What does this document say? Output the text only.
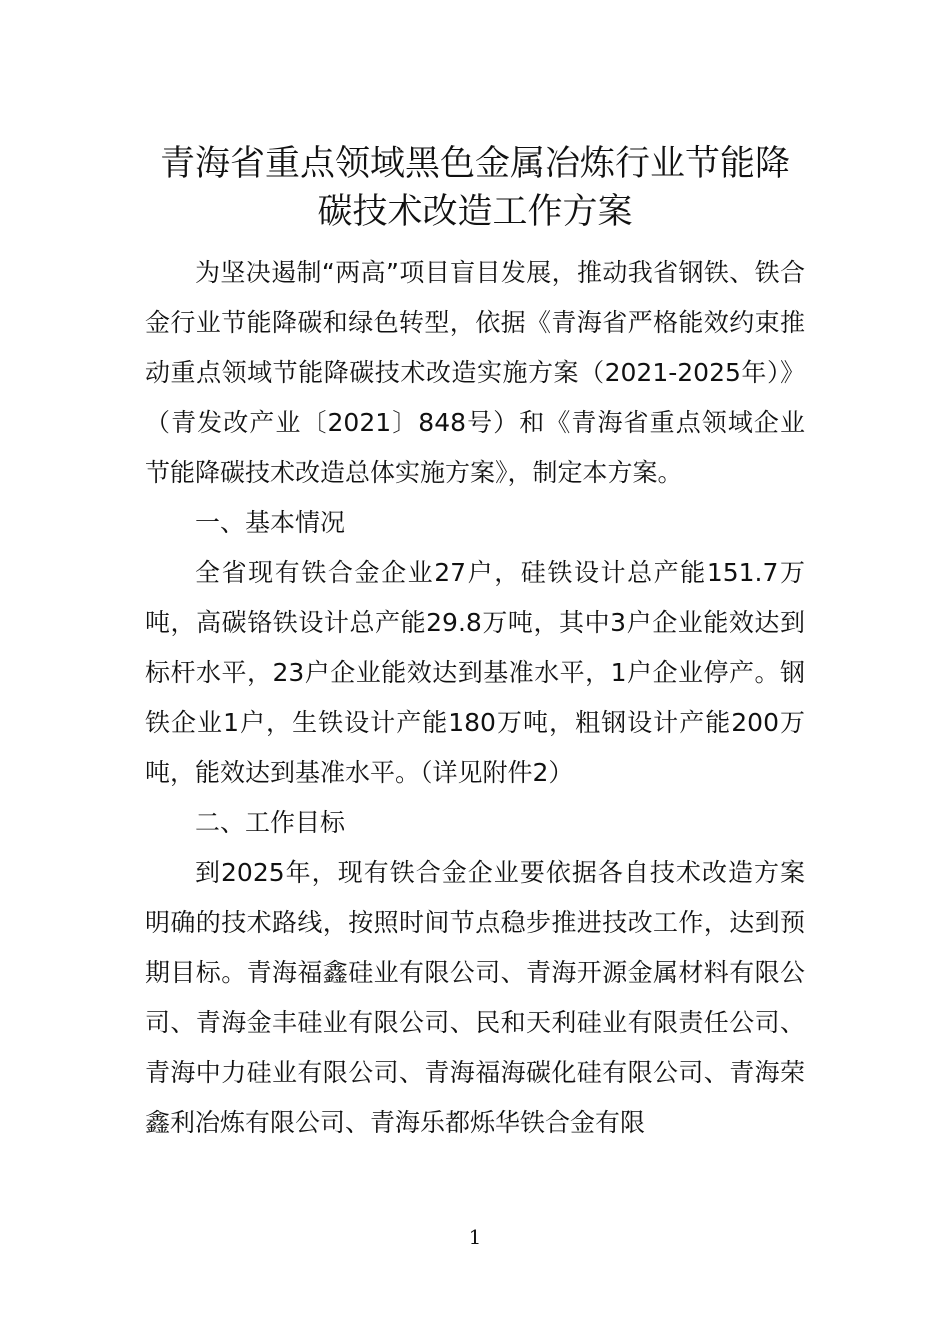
青海省重点领域黑色金属冶炼行业节能降
碳技术改造工作方案

为坚决遏制“两高”项目盲目发展，推动我省钢铁、铁合金行业节能降碳和绿色转型，依据《青海省严格能效约束推动重点领域节能降碳技术改造实施方案（2021-2025年）》（青发改产业〔2021〕848号）和《青海省重点领域企业节能降碳技术改造总体实施方案》，制定本方案。

一、基本情况

全省现有铁合金企业27户，硅铁设计总产能151.7万吨，高碳铬铁设计总产能29.8万吨，其中3户企业能效达到标杆水平，23户企业能效达到基准水平，1户企业停产。钢铁企业1户，生铁设计产能180万吨，粗钢设计产能200万吨，能效达到基准水平。（详见附件2）

二、工作目标

到2025年，现有铁合金企业要依据各自技术改造方案明确的技术路线，按照时间节点稳步推进技改工作，达到预期目标。青海福鑫硅业有限公司、青海开源金属材料有限公司、青海金丰硅业有限公司、民和天利硅业有限责任公司、青海中力硅业有限公司、青海福海碳化硅有限公司、青海荣鑫利冶炼有限公司、青海乐都烁华铁合金有限

1
